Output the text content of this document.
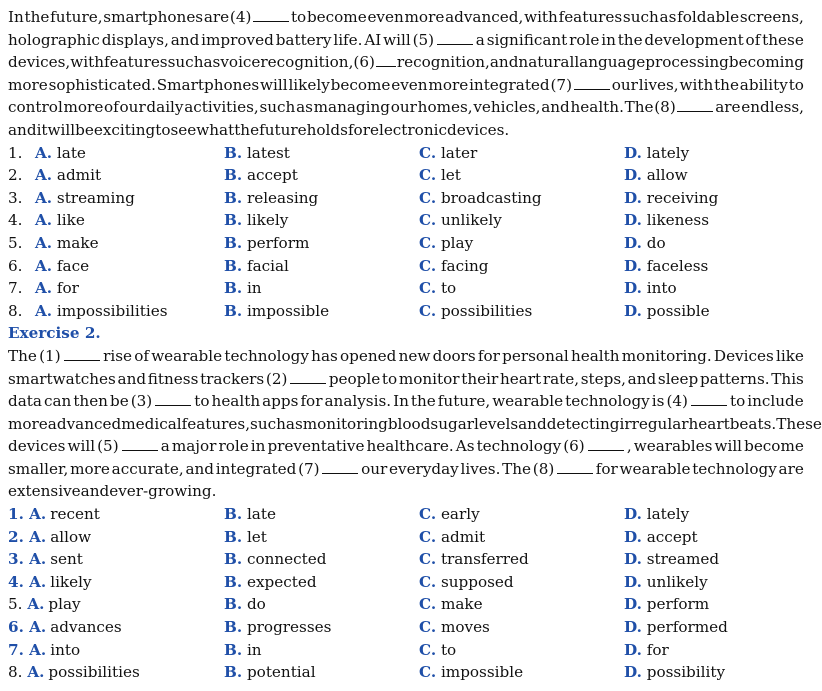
In the future, smartphones are (4)	to become even more advanced, with features such as foldable screens,
holographic displays, and improved battery life. AI will (5)	a significant role in the development of these
devices, with features such as voice recognition, (6) recognition, and natural language processing becoming
more sophisticated. Smartphones will likely become even more integrated (7)	our lives, with the ability to
control more of our daily activities, such as managing our homes, vehicles, and health. The (8)	are endless,
and it will be exciting to see what the future holds for electronic devices.
1. A. late	B. latest	C. later	D. lately
2. A. admit	B. accept	C. let	D. allow
3. A. streaming	B. releasing	C. broadcasting	D. receiving
4. A. like	B. likely	C. unlikely	D. likeness
5. A. make	B. perform	C. play	D. do
6. A. face	B. facial	C. facing	D. faceless
7. A. for	B. in	C. to	D. into
8. A. impossibilities	B. impossible	C. possibilities	D. possible
Exercise 2.
The (1)	rise of wearable technology has opened new doors for personal health monitoring. Devices like
smartwatches and fitness trackers (2)	people to monitor their heart rate, steps, and sleep patterns. This
data can then be (3)	to health apps for analysis. In the future, wearable technology is (4)	to include
more advanced medical features, such as monitoring blood sugar levels and detecting irregular heartbeats. These
devices will (5)	a major role in preventative healthcare. As technology (6)	, wearables will become
smaller, more accurate, and integrated (7)	our everyday lives. The (8)	for wearable technology are
extensive and ever-growing.
1. A. recent	B. late	C. early	D. lately
2. A. allow	B. let	C. admit	D. accept
3. A. sent	B. connected	C. transferred	D. streamed
4. A. likely	B. expected	C. supposed	D. unlikely
5. A. play	B. do	C. make	D. perform
6. A. advances	B. progresses	C. moves	D. performed
7. A. into	B. in	C. to	D. for
8. A. possibilities	B. potential	C. impossible	D. possibility
